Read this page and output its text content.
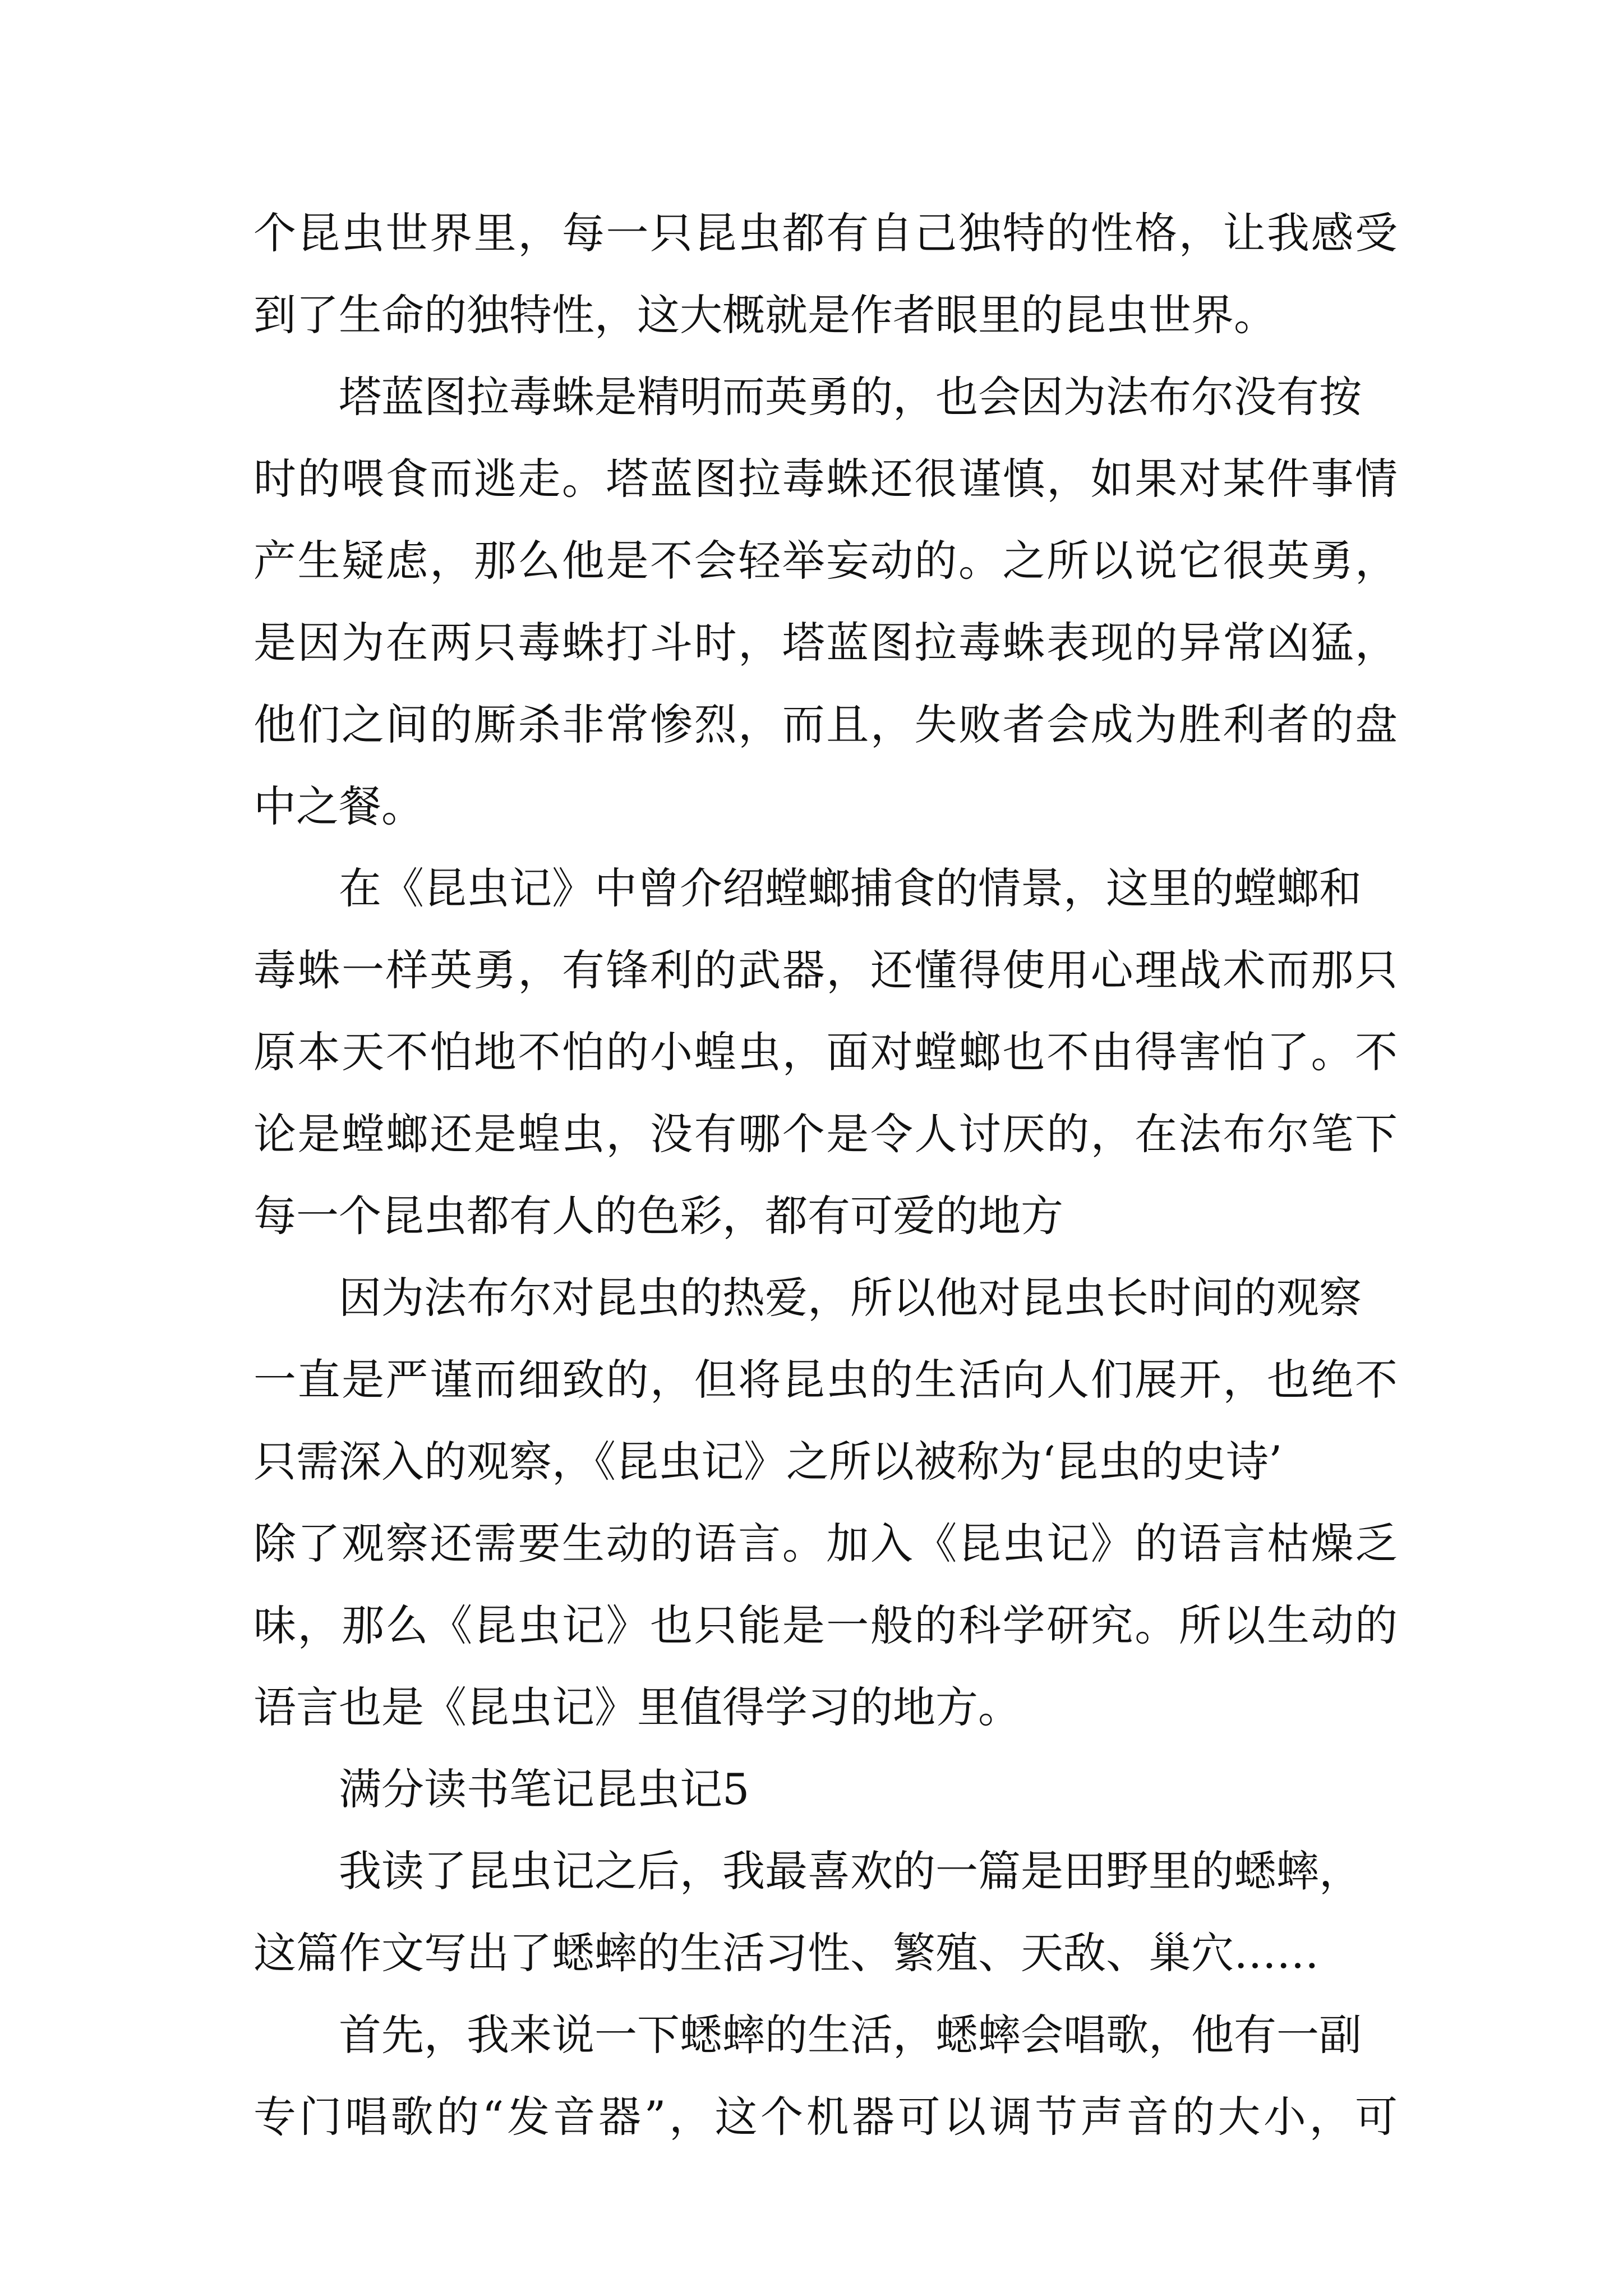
个昆虫世界里，每一只昆虫都有自己独特的性格，让我感受
到了生命的独特性，这大概就是作者眼里的昆虫世界。
塔蓝图拉毒蛛是精明而英勇的，也会因为法布尔没有按
时的喂食而逃走。塔蓝图拉毒蛛还很谨慎，如果对某件事情
产生疑虑，那么他是不会轻举妄动的。之所以说它很英勇，
是因为在两只毒蛛打斗时，塔蓝图拉毒蛛表现的异常凶猛，
他们之间的厮杀非常惨烈，而且，失败者会成为胜利者的盘
中之餐。
在《昆虫记》中曾介绍螳螂捕食的情景，这里的螳螂和
毒蛛一样英勇，有锋利的武器，还懂得使用心理战术而那只
原本天不怕地不怕的小蝗虫，面对螳螂也不由得害怕了。不
论是螳螂还是蝗虫，没有哪个是令人讨厌的，在法布尔笔下
每一个昆虫都有人的色彩，都有可爱的地方
因为法布尔对昆虫的热爱，所以他对昆虫长时间的观察
一直是严谨而细致的，但将昆虫的生活向人们展开，也绝不
只需深入的观察，《昆虫记》之所以被称为‘昆虫的史诗’
除了观察还需要生动的语言。加入《昆虫记》的语言枯燥乏
味，那么《昆虫记》也只能是一般的科学研究。所以生动的
语言也是《昆虫记》里值得学习的地方。
满分读书笔记昆虫记5
我读了昆虫记之后，我最喜欢的一篇是田野里的蟋蟀，
这篇作文写出了蟋蟀的生活习性、繁殖、天敌、巢穴……
首先，我来说一下蟋蟀的生活，蟋蟀会唱歌，他有一副
专门唱歌的“发音器”，这个机器可以调节声音的大小，可
